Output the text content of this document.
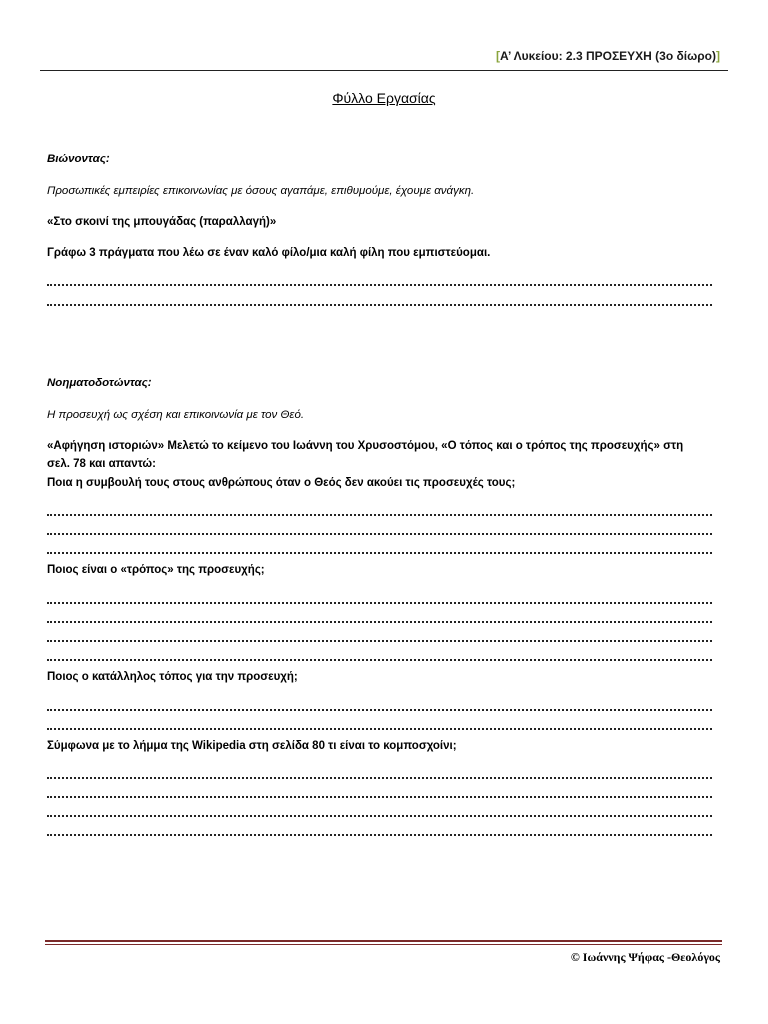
[Α’ Λυκείου: 2.3 ΠΡΟΣΕΥΧΗ (3ο δίωρο)]
Φύλλο Εργασίας
Βιώνοντας:
Προσωπικές εμπειρίες επικοινωνίας με όσους αγαπάμε, επιθυμούμε, έχουμε ανάγκη.
«Στο σκοινί της μπουγάδας (παραλλαγή)»
Γράφω 3 πράγματα που λέω σε έναν καλό φίλο/μια καλή φίλη που εμπιστεύομαι.
Νοηματοδοτώντας:
Η προσευχή ως σχέση και επικοινωνία με τον Θεό.
«Αφήγηση ιστοριών» Μελετώ το κείμενο του Ιωάννη του Χρυσοστόμου, «Ο τόπος και ο τρόπος της προσευχής» στη
σελ. 78 και απαντώ:
Ποια η συμβουλή τους στους ανθρώπους όταν ο Θεός δεν ακούει τις προσευχές τους;
Ποιος είναι ο «τρόπος» της προσευχής;
Ποιος ο κατάλληλος τόπος για την προσευχή;
Σύμφωνα με το λήμμα της Wikipedia στη σελίδα 80 τι είναι το κομποσχοίνι;
© Ιωάννης Ψήφας -Θεολόγος
